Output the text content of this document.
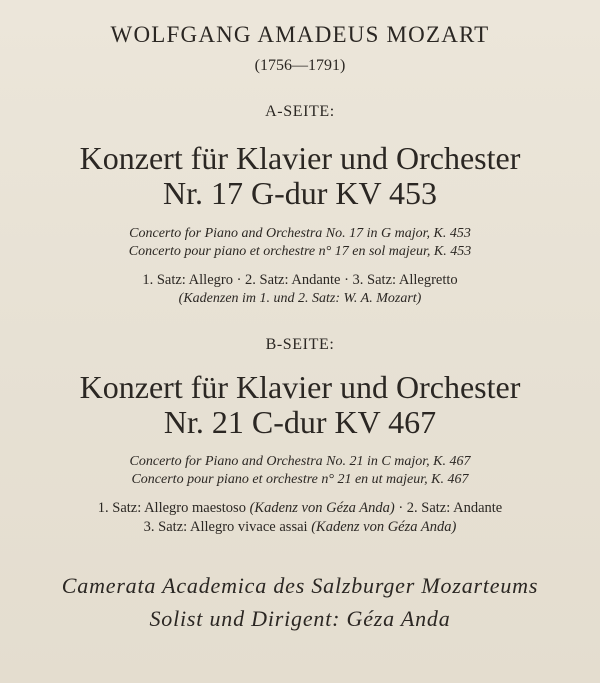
WOLFGANG AMADEUS MOZART
(1756—1791)
A-SEITE:
Konzert für Klavier und Orchester
Nr. 17 G-dur KV 453
Concerto for Piano and Orchestra No. 17 in G major, K. 453
Concerto pour piano et orchestre n° 17 en sol majeur, K. 453
1. Satz: Allegro · 2. Satz: Andante · 3. Satz: Allegretto
(Kadenzen im 1. und 2. Satz: W. A. Mozart)
B-SEITE:
Konzert für Klavier und Orchester
Nr. 21 C-dur KV 467
Concerto for Piano and Orchestra No. 21 in C major, K. 467
Concerto pour piano et orchestre n° 21 en ut majeur, K. 467
1. Satz: Allegro maestoso (Kadenz von Géza Anda) · 2. Satz: Andante
3. Satz: Allegro vivace assai (Kadenz von Géza Anda)
Camerata Academica des Salzburger Mozarteums
Solist und Dirigent: Géza Anda
